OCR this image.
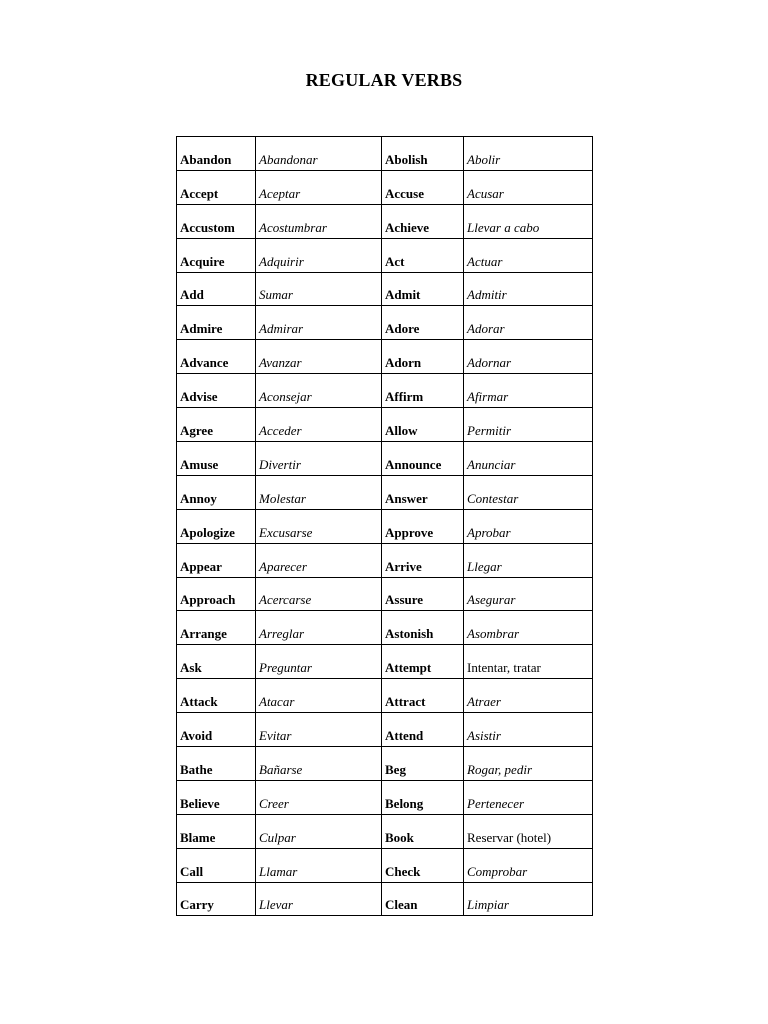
REGULAR VERBS
Abandon	Abandonar	Abolish	Abolir

Accept	Aceptar	Accuse	Acusar

Accustom	Acostumbrar	Achieve	Llevar a cabo

Acquire	Adquirir	Act	Actuar

Add	Sumar	Admit	Admitir

Admire	Admirar	Adore	Adorar

Advance	Avanzar	Adorn	Adornar

Advise	Aconsejar	Affirm	Afirmar

Agree	Acceder	Allow	Permitir

Amuse	Divertir	Announce	Anunciar

Annoy	Molestar	Answer	Contestar

Apologize	Excusarse	Approve	Aprobar

Appear	Aparecer	Arrive	Llegar

Approach	Acercarse	Assure	Asegurar

Arrange	Arreglar	Astonish	Asombrar

Ask	Preguntar	Attempt	Intentar, tratar

Attack	Atacar	Attract	Atraer

Avoid	Evitar	Attend	Asistir

Bathe	Bañarse	Beg	Rogar, pedir

Believe	Creer	Belong	Pertenecer

Blame	Culpar	Book	Reservar (hotel)

Call	Llamar	Check	Comprobar

Carry	Llevar	Clean	Limpiar
